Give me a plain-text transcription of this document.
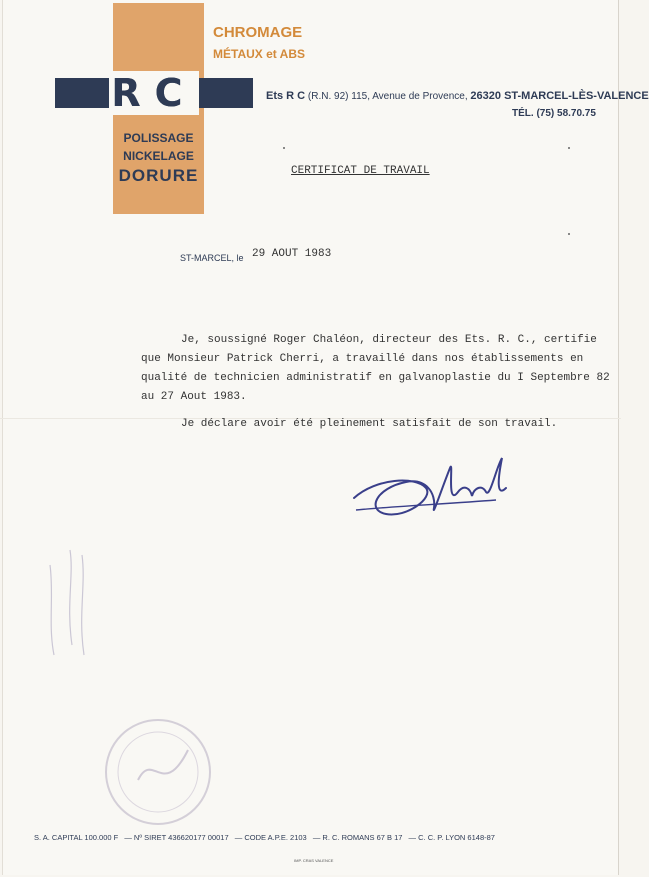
RC
POLISSAGE
NICKELAGE
DORURE
CHROMAGE
MÉTAUX et ABS
Ets R C (R.N. 92) 115, Avenue de Provence, 26320 ST-MARCEL-LÈS-VALENCE
TÉL. (75) 58.70.75
CERTIFICAT DE TRAVAIL
ST-MARCEL, le 29 AOUT 1983
Je, soussigné Roger Chaléon, directeur des Ets. R. C., certifie
que Monsieur Patrick Cherri, a travaillé dans nos établissements en
qualité de technicien administratif en galvanoplastie du I Septembre 82
au 27 Aout 1983.
Je déclare avoir été pleinement satisfait de son travail.
S. A. CAPITAL 100.000 F — Nº SIRET 436620177 00017 — CODE A.P.E. 2103 — R. C. ROMANS 67 B 17 — C. C. P. LYON 6148-87
IMP. CRAS VALENCE
